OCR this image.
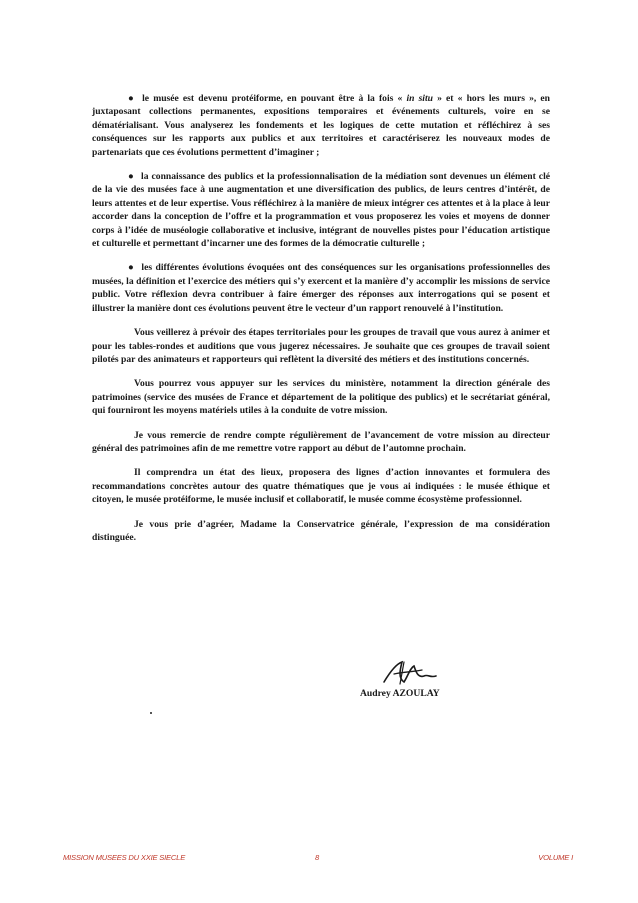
● le musée est devenu protéiforme, en pouvant être à la fois « in situ » et « hors les murs », en juxtaposant collections permanentes, expositions temporaires et événements culturels, voire en se dématérialisant. Vous analyserez les fondements et les logiques de cette mutation et réfléchirez à ses conséquences sur les rapports aux publics et aux territoires et caractériserez les nouveaux modes de partenariats que ces évolutions permettent d’imaginer ;

● la connaissance des publics et la professionnalisation de la médiation sont devenues un élément clé de la vie des musées face à une augmentation et une diversification des publics, de leurs centres d’intérêt, de leurs attentes et de leur expertise. Vous réfléchirez à la manière de mieux intégrer ces attentes et à la place à leur accorder dans la conception de l’offre et la programmation et vous proposerez les voies et moyens de donner corps à l’idée de muséologie collaborative et inclusive, intégrant de nouvelles pistes pour l’éducation artistique et culturelle et permettant d’incarner une des formes de la démocratie culturelle ;

● les différentes évolutions évoquées ont des conséquences sur les organisations professionnelles des musées, la définition et l’exercice des métiers qui s’y exercent et la manière d’y accomplir les missions de service public. Votre réflexion devra contribuer à faire émerger des réponses aux interrogations qui se posent et illustrer la manière dont ces évolutions peuvent être le vecteur d’un rapport renouvelé à l’institution.

Vous veillerez à prévoir des étapes territoriales pour les groupes de travail que vous aurez à animer et pour les tables-rondes et auditions que vous jugerez nécessaires. Je souhaite que ces groupes de travail soient pilotés par des animateurs et rapporteurs qui reflètent la diversité des métiers et des institutions concernés.

Vous pourrez vous appuyer sur les services du ministère, notamment la direction générale des patrimoines (service des musées de France et département de la politique des publics) et le secrétariat général, qui fourniront les moyens matériels utiles à la conduite de votre mission.

Je vous remercie de rendre compte régulièrement de l’avancement de votre mission au directeur général des patrimoines afin de me remettre votre rapport au début de l’automne prochain.

Il comprendra un état des lieux, proposera des lignes d’action innovantes et formulera des recommandations concrètes autour des quatre thématiques que je vous ai indiquées : le musée éthique et citoyen, le musée protéiforme, le musée inclusif et collaboratif, le musée comme écosystème professionnel.

Je vous prie d’agréer, Madame la Conservatrice générale, l’expression de ma considération distinguée.

Audrey AZOULAY
MISSION MUSEES DU XXIE SIECLE	8	VOLUME I
